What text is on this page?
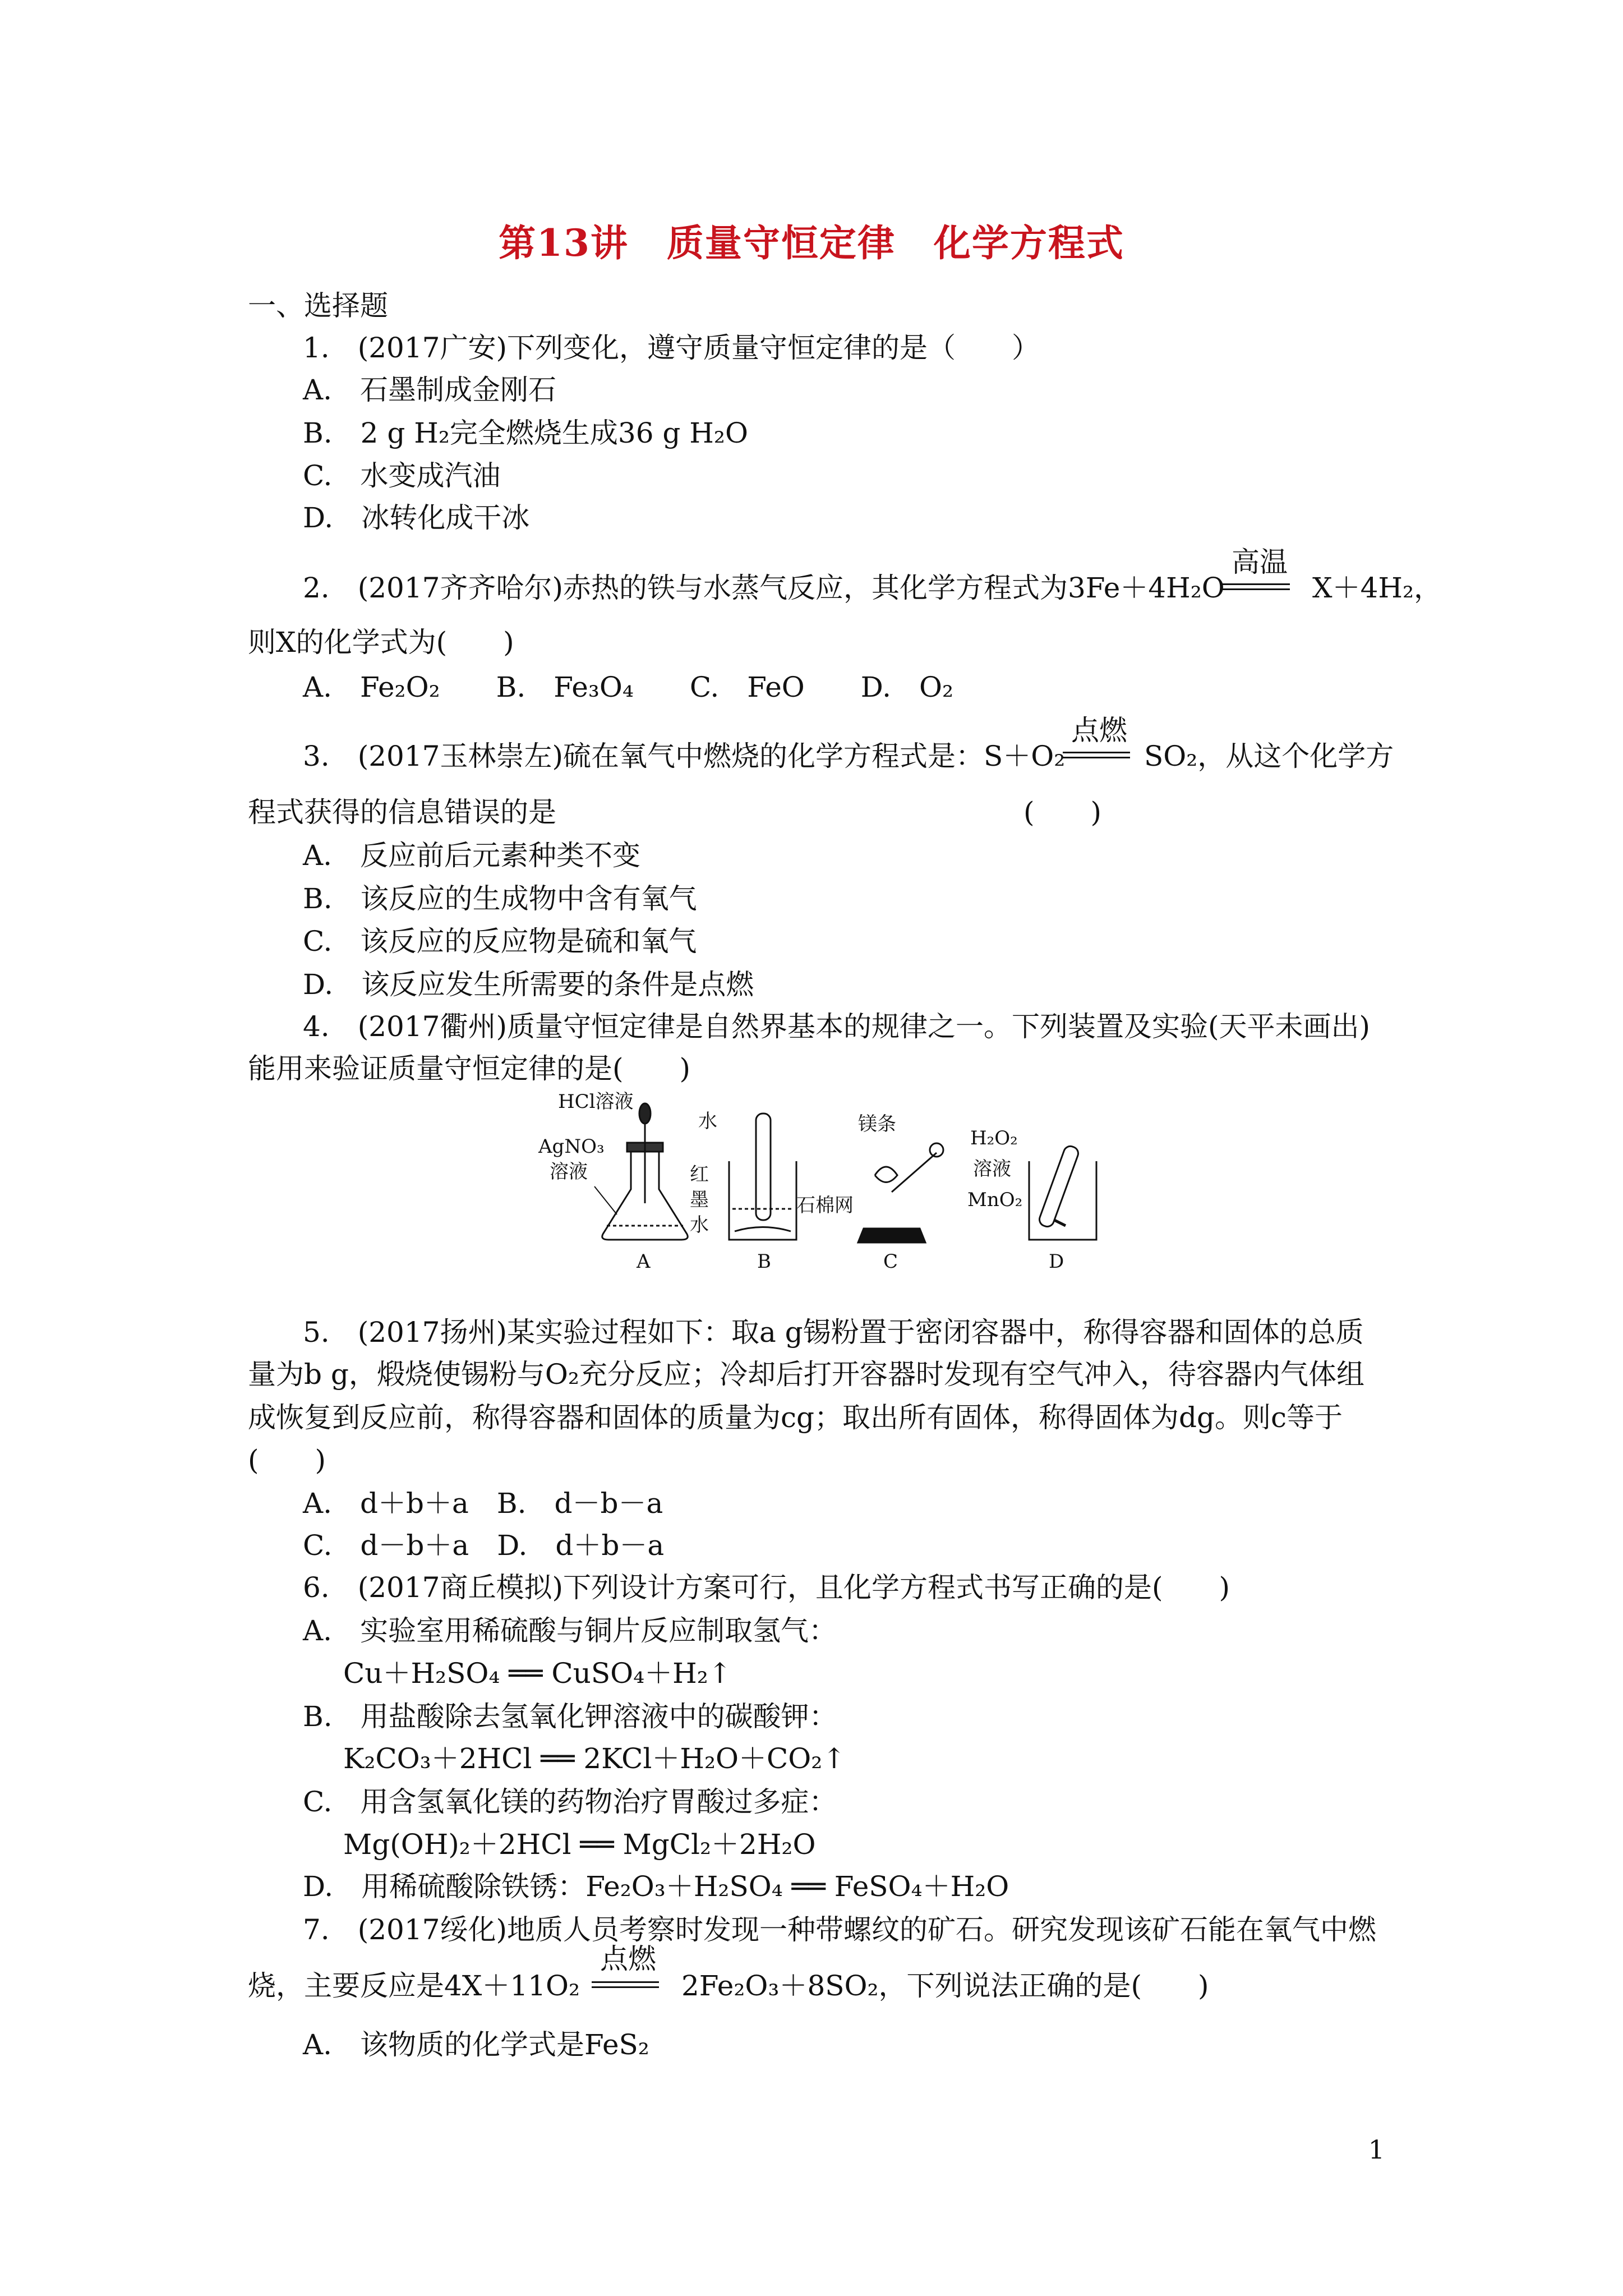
第13讲　质量守恒定律　化学方程式
一、选择题
1.　(2017广安)下列变化，遵守质量守恒定律的是（　　）
A.　石墨制成金刚石
B.　2 g H₂完全燃烧生成36 g H₂O
C.　水变成汽油
D.　冰转化成干冰
2.　(2017齐齐哈尔)赤热的铁与水蒸气反应，其化学方程式为3Fe＋4H₂O
高温
X＋4H₂，
则X的化学式为(　　)
A.　Fe₂O₂　　B.　Fe₃O₄　　C.　FeO　　D.　O₂
3.　(2017玉林崇左)硫在氧气中燃烧的化学方程式是：S＋O₂
点燃
SO₂，从这个化学方
程式获得的信息错误的是	(　　)
A.　反应前后元素种类不变
B.　该反应的生成物中含有氧气
C.　该反应的反应物是硫和氧气
D.　该反应发生所需要的条件是点燃
4.　(2017衢州)质量守恒定律是自然界基本的规律之一。下列装置及实验(天平未画出)
能用来验证质量守恒定律的是(　　)
HCl溶液
AgNO₃
溶液
A
水
红
墨
水
B
镁条
石棉网
C
H₂O₂
溶液
MnO₂
D
5.　(2017扬州)某实验过程如下：取a g锡粉置于密闭容器中，称得容器和固体的总质
量为b g，煅烧使锡粉与O₂充分反应；冷却后打开容器时发现有空气冲入，待容器内气体组
成恢复到反应前，称得容器和固体的质量为cg；取出所有固体，称得固体为dg。则c等于
(　　)
A.　d＋b＋a　B.　d－b－a
C.　d－b＋a　D.　d＋b－a
6.　(2017商丘模拟)下列设计方案可行，且化学方程式书写正确的是(　　)
A.　实验室用稀硫酸与铜片反应制取氢气：
Cu＋H₂SO₄ ══ CuSO₄＋H₂↑
B.　用盐酸除去氢氧化钾溶液中的碳酸钾：
K₂CO₃＋2HCl ══ 2KCl＋H₂O＋CO₂↑
C.　用含氢氧化镁的药物治疗胃酸过多症：
Mg(OH)₂＋2HCl ══ MgCl₂＋2H₂O
D.　用稀硫酸除铁锈：Fe₂O₃＋H₂SO₄ ══ FeSO₄＋H₂O
7.　(2017绥化)地质人员考察时发现一种带螺纹的矿石。研究发现该矿石能在氧气中燃
烧，主要反应是4X＋11O₂
点燃
2Fe₂O₃＋8SO₂，下列说法正确的是(　　)
A.　该物质的化学式是FeS₂
1
